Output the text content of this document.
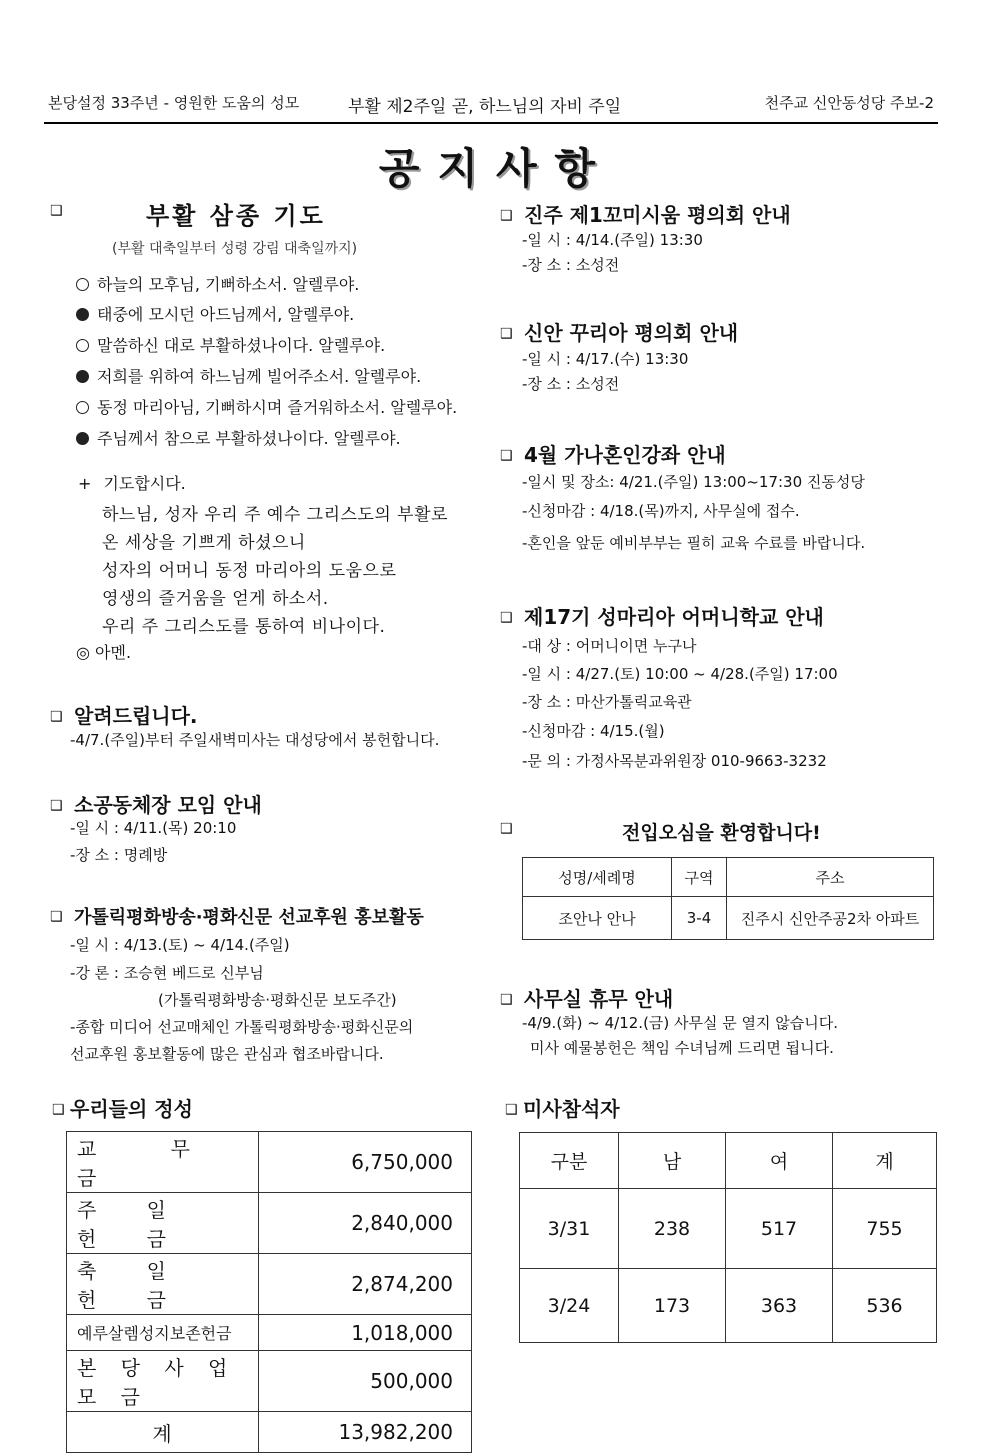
본당설정 33주년 - 영원한 도움의 성모	부활 제2주일 곧, 하느님의 자비 주일	천주교 신안동성당 주보-2
공지사항
❑	부활 삼종 기도
(부활 대축일부터 성령 강림 대축일까지)
하늘의 모후님, 기뻐하소서. 알렐루야.
태중에 모시던 아드님께서, 알렐루야.
말씀하신 대로 부활하셨나이다. 알렐루야.
저희를 위하여 하느님께 빌어주소서. 알렐루야.
동정 마리아님, 기뻐하시며 즐거워하소서. 알렐루야.
주님께서 참으로 부활하셨나이다. 알렐루야.
+ 기도합시다.
하느님, 성자 우리 주 예수 그리스도의 부활로
온 세상을 기쁘게 하셨으니
성자의 어머니 동정 마리아의 도움으로
영생의 즐거움을 얻게 하소서.
우리 주 그리스도를 통하여 비나이다.
◎ 아멘.
❑ 알려드립니다.
-4/7.(주일)부터 주일새벽미사는 대성당에서 봉헌합니다.
❑ 소공동체장 모임 안내
-일 시 : 4/11.(목) 20:10
-장 소 : 명례방
❑ 가톨릭평화방송·평화신문 선교후원 홍보활동
-일 시 : 4/13.(토) ~ 4/14.(주일)
-강 론 : 조승현 베드로 신부님
(가톨릭평화방송·평화신문 보도주간)
-종합 미디어 선교매체인 가톨릭평화방송·평화신문의
선교후원 홍보활동에 많은 관심과 협조바랍니다.
❑ 우리들의 정성
교 무 금	6,750,000
주 일 헌 금	2,840,000
축 일 헌 금	2,874,200
예루살렘성지보존헌금	1,018,000
본 당 사 업 모 금	500,000
계	13,982,200
❑ 진주 제1꼬미시움 평의회 안내
-일 시 : 4/14.(주일) 13:30
-장 소 : 소성전
❑ 신안 꾸리아 평의회 안내
-일 시 : 4/17.(수) 13:30
-장 소 : 소성전
❑ 4월 가나혼인강좌 안내
-일시 및 장소: 4/21.(주일) 13:00~17:30 진동성당
-신청마감 : 4/18.(목)까지, 사무실에 접수.
-혼인을 앞둔 예비부부는 필히 교육 수료를 바랍니다.
❑ 제17기 성마리아 어머니학교 안내
-대 상 : 어머니이면 누구나
-일 시 : 4/27.(토) 10:00 ~ 4/28.(주일) 17:00
-장 소 : 마산가톨릭교육관
-신청마감 : 4/15.(월)
-문 의 : 가정사목분과위원장 010-9663-3232
❑	전입오심을 환영합니다!
성명/세례명	구역	주소
조안나 안나	3-4	진주시 신안주공2차 아파트
❑ 사무실 휴무 안내
-4/9.(화) ~ 4/12.(금) 사무실 문 열지 않습니다.
미사 예물봉헌은 책임 수녀님께 드리면 됩니다.
❑ 미사참석자
구분	남	여	계
3/31	238	517	755
3/24	173	363	536
